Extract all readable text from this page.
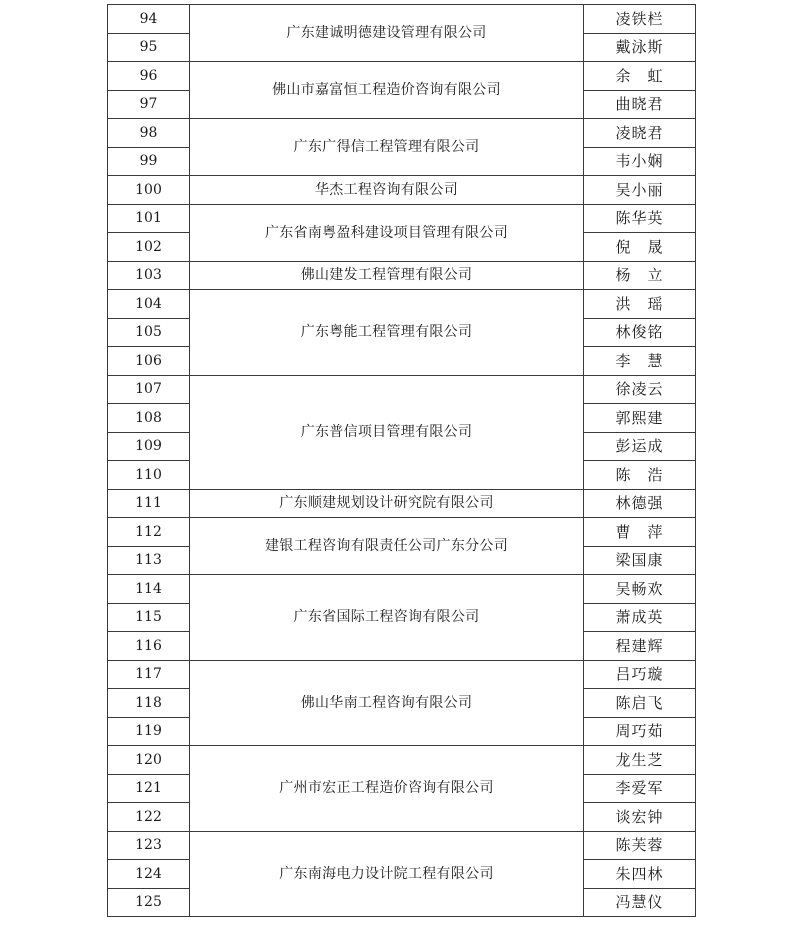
94	广东建诚明德建设管理有限公司	凌铁栏
95		戴泳斯
96	佛山市嘉富恒工程造价咨询有限公司	余　虹
97		曲晓君
98	广东广得信工程管理有限公司	凌晓君
99		韦小娴
100	华杰工程咨询有限公司	吴小丽
101	广东省南粤盈科建设项目管理有限公司	陈华英
102		倪　晟
103	佛山建发工程管理有限公司	杨　立
104	广东粤能工程管理有限公司	洪　瑶
105		林俊铭
106		李　慧
107	广东普信项目管理有限公司	徐凌云
108		郭熙建
109		彭运成
110		陈　浩
111	广东顺建规划设计研究院有限公司	林德强
112	建银工程咨询有限责任公司广东分公司	曹　萍
113		梁国康
114	广东省国际工程咨询有限公司	吴畅欢
115		萧成英
116		程建辉
117	佛山华南工程咨询有限公司	吕巧璇
118		陈启飞
119		周巧茹
120	广州市宏正工程造价咨询有限公司	龙生芝
121		李爱军
122		谈宏钟
123	广东南海电力设计院工程有限公司	陈芙蓉
124		朱四林
125		冯慧仪
